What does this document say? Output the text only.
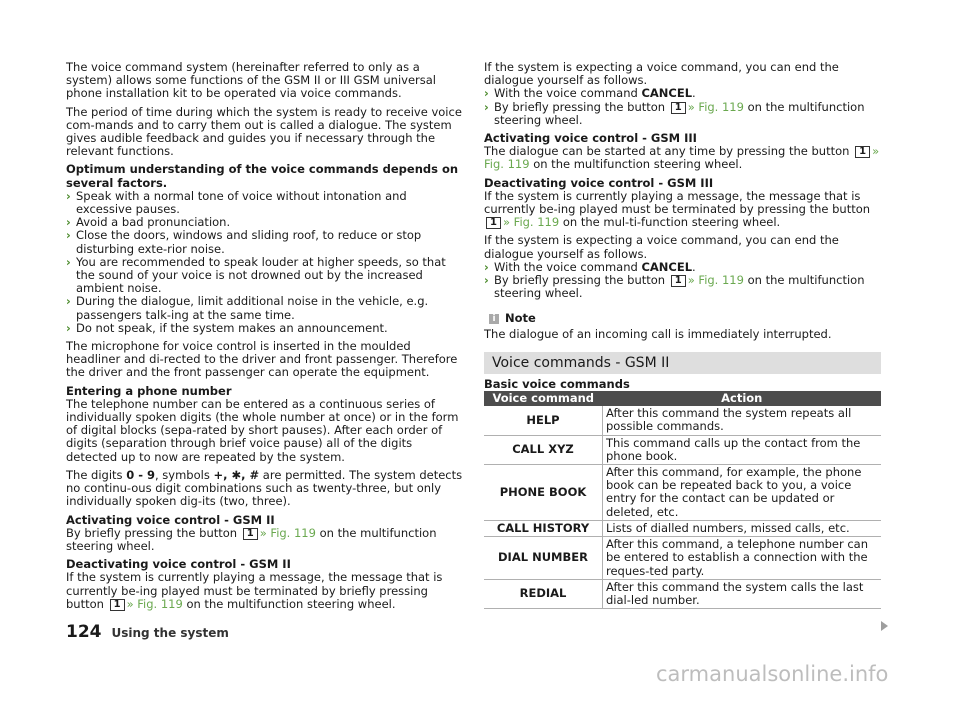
The voice command system (hereinafter referred to only as a system) allows some functions of the GSM II or III GSM universal phone installation kit to be operated via voice commands.

The period of time during which the system is ready to receive voice com-mands and to carry them out is called a dialogue. The system gives audible feedback and guides you if necessary through the relevant functions.

Optimum understanding of the voice commands depends on several factors.

› Speak with a normal tone of voice without intonation and excessive pauses.
› Avoid a bad pronunciation.
› Close the doors, windows and sliding roof, to reduce or stop disturbing exte-rior noise.
› You are recommended to speak louder at higher speeds, so that the sound of your voice is not drowned out by the increased ambient noise.
› During the dialogue, limit additional noise in the vehicle, e.g. passengers talk-ing at the same time.
› Do not speak, if the system makes an announcement.

The microphone for voice control is inserted in the moulded headliner and di-rected to the driver and front passenger. Therefore the driver and the front passenger can operate the equipment.

Entering a phone number
The telephone number can be entered as a continuous series of individually spoken digits (the whole number at once) or in the form of digital blocks (sepa-rated by short pauses). After each order of digits (separation through brief voice pause) all of the digits detected up to now are repeated by the system.

The digits 0 - 9, symbols +, ✱, # are permitted. The system detects no continu-ous digit combinations such as twenty-three, but only individually spoken dig-its (two, three).

Activating voice control - GSM II
By briefly pressing the button 1 » Fig. 119 on the multifunction steering wheel.

Deactivating voice control - GSM II
If the system is currently playing a message, the message that is currently be-ing played must be terminated by briefly pressing button 1 » Fig. 119 on the multifunction steering wheel.

If the system is expecting a voice command, you can end the dialogue yourself as follows.

› With the voice command CANCEL.
› By briefly pressing the button 1 » Fig. 119 on the multifunction steering wheel.

Activating voice control - GSM III
The dialogue can be started at any time by pressing the button 1 » Fig. 119 on the multifunction steering wheel.

Deactivating voice control - GSM III
If the system is currently playing a message, the message that is currently be-ing played must be terminated by pressing the button 1 » Fig. 119 on the mul-ti-function steering wheel.

If the system is expecting a voice command, you can end the dialogue yourself as follows.

› With the voice command CANCEL.
› By briefly pressing the button 1 » Fig. 119 on the multifunction steering wheel.
i Note
The dialogue of an incoming call is immediately interrupted.
Voice commands - GSM II

Basic voice commands

Voice command	Action
HELP	After this command the system repeats all possible commands.
CALL XYZ	This command calls up the contact from the phone book.
PHONE BOOK	After this command, for example, the phone book can be repeated back to you, a voice entry for the contact can be updated or deleted, etc.
CALL HISTORY	Lists of dialled numbers, missed calls, etc.
DIAL NUMBER	After this command, a telephone number can be entered to establish a connection with the reques-ted party.
REDIAL	After this command the system calls the last dial-led number.
124 Using the system
carmanualsonline.info
